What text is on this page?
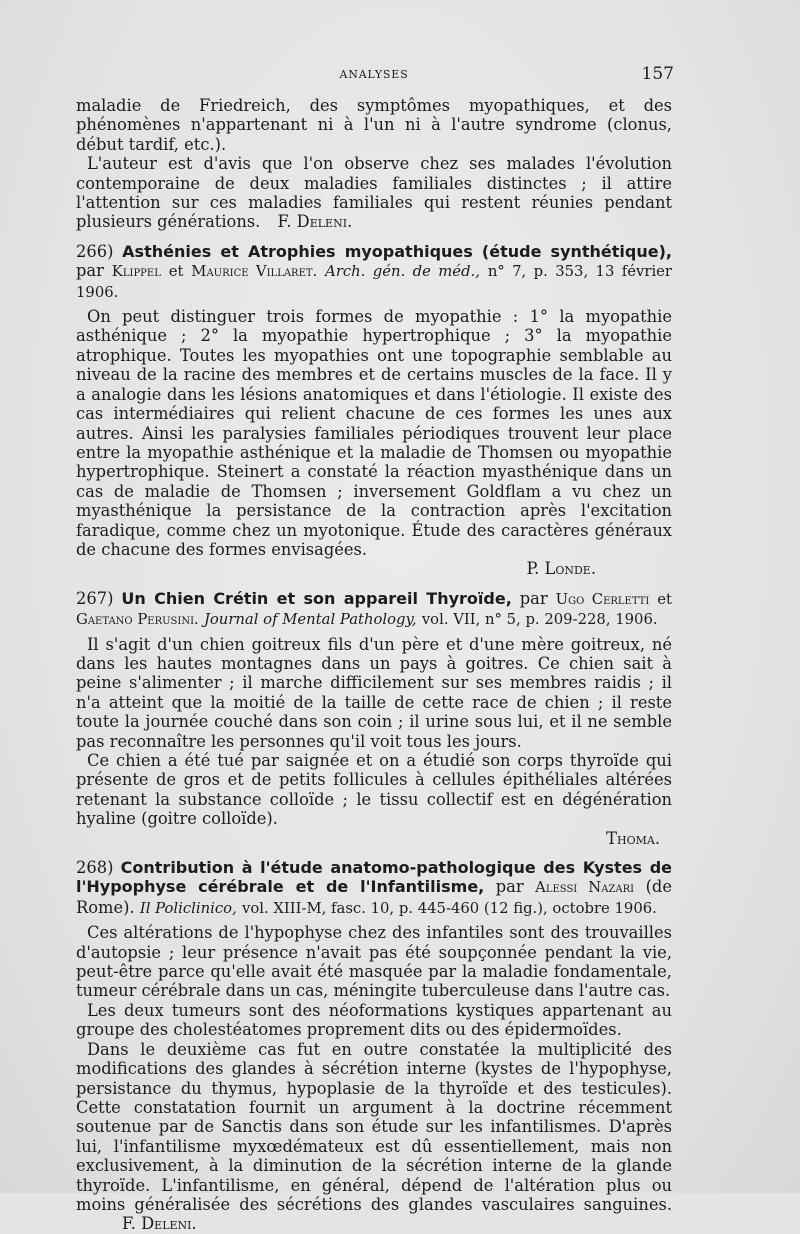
ANALYSES	157

maladie de Friedreich, des symptômes myopathiques, et des phénomènes n'appartenant ni à l'un ni à l'autre syndrome (clonus, début tardif, etc.).

L'auteur est d'avis que l'on observe chez ses malades l'évolution contemporaine de deux maladies familiales distinctes ; il attire l'attention sur ces maladies familiales qui restent réunies pendant plusieurs générations. F. Deleni.

266) Asthénies et Atrophies myopathiques (étude synthétique), par Klippel et Maurice Villaret. Arch. gén. de méd., n° 7, p. 353, 13 février 1906.

On peut distinguer trois formes de myopathie : 1° la myopathie asthénique ; 2° la myopathie hypertrophique ; 3° la myopathie atrophique. Toutes les myopathies ont une topographie semblable au niveau de la racine des membres et de certains muscles de la face. Il y a analogie dans les lésions anatomiques et dans l'étiologie. Il existe des cas intermédiaires qui relient chacune de ces formes les unes aux autres. Ainsi les paralysies familiales périodiques trouvent leur place entre la myopathie asthénique et la maladie de Thomsen ou myopathie hypertrophique. Steinert a constaté la réaction myasthénique dans un cas de maladie de Thomsen ; inversement Goldflam a vu chez un myasthénique la persistance de la contraction après l'excitation faradique, comme chez un myotonique. Étude des caractères généraux de chacune des formes envisagées.

P. Londe.

267) Un Chien Crétin et son appareil Thyroïde, par Ugo Cerletti et Gaetano Perusini. Journal of Mental Pathology, vol. VII, n° 5, p. 209-228, 1906.

Il s'agit d'un chien goitreux fils d'un père et d'une mère goitreux, né dans les hautes montagnes dans un pays à goitres. Ce chien sait à peine s'alimenter ; il marche difficilement sur ses membres raidis ; il n'a atteint que la moitié de la taille de cette race de chien ; il reste toute la journée couché dans son coin ; il urine sous lui, et il ne semble pas reconnaître les personnes qu'il voit tous les jours.

Ce chien a été tué par saignée et on a étudié son corps thyroïde qui présente de gros et de petits follicules à cellules épithéliales altérées retenant la substance colloïde ; le tissu collectif est en dégénération hyaline (goitre colloïde).

Thoma.

268) Contribution à l'étude anatomo-pathologique des Kystes de l'Hypophyse cérébrale et de l'Infantilisme, par Alessi Nazari (de Rome). Il Policlinico, vol. XIII-M, fasc. 10, p. 445-460 (12 fig.), octobre 1906.

Ces altérations de l'hypophyse chez des infantiles sont des trouvailles d'autopsie ; leur présence n'avait pas été soupçonnée pendant la vie, peut-être parce qu'elle avait été masquée par la maladie fondamentale, tumeur cérébrale dans un cas, méningite tuberculeuse dans l'autre cas.

Les deux tumeurs sont des néoformations kystiques appartenant au groupe des cholestéatomes proprement dits ou des épidermoïdes.

Dans le deuxième cas fut en outre constatée la multiplicité des modifications des glandes à sécrétion interne (kystes de l'hypophyse, persistance du thymus, hypoplasie de la thyroïde et des testicules). Cette constatation fournit un argument à la doctrine récemment soutenue par de Sanctis dans son étude sur les infantilismes. D'après lui, l'infantilisme myxœdémateux est dû essentiellement, mais non exclusivement, à la diminution de la sécrétion interne de la glande thyroïde. L'infantilisme, en général, dépend de l'altération plus ou moins généralisée des sécrétions des glandes vasculaires sanguines. F. Deleni.
